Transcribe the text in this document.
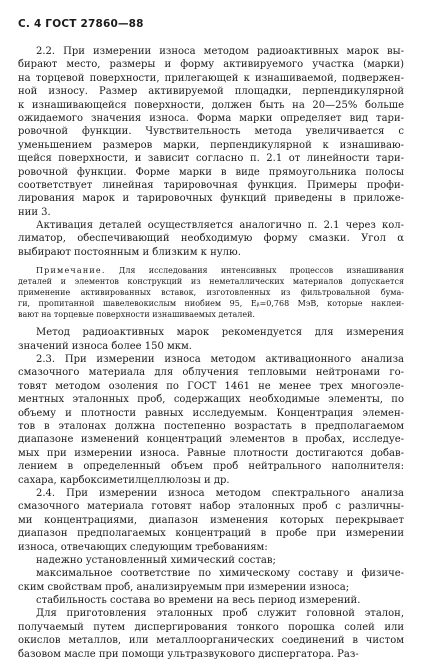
С. 4 ГОСТ 27860—88
2.2. При измерении износа методом радиоактивных марок вы-
бирают место, размеры и форму активируемого участка (марки)
на торцевой поверхности, прилегающей к изнашиваемой, подвержен-
ной износу. Размер активируемой площадки, перпендикулярной
к изнашивающейся поверхности, должен быть на 20—25% больше
ожидаемого значения износа. Форма марки определяет вид тари-
ровочной функции. Чувствительность метода увеличивается с
уменьшением размеров марки, перпендикулярной к изнашиваю-
щейся поверхности, и зависит согласно п. 2.1 от линейности тари-
ровочной функции. Форме марки в виде прямоугольника полосы
соответствует линейная тарировочная функция. Примеры профи-
лирования марок и тарировочных функций приведены в приложе-
нии 3.
Активация деталей осуществляется аналогично п. 2.1 через кол-
лиматор, обеспечивающий необходимую форму смазки. Угол α
выбирают постоянным и близким к нулю.
Примечание. Для исследования интенсивных процессов изнашивания
деталей и элементов конструкций из неметаллических материалов допускается
применение активированных вставок, изготовленных из фильтровальной бума-
ги, пропитанной шавелевокислым ниобием 95, Eᵦ=0,768 МэВ, которые наклеи-
вают на торцевые поверхности изнашиваемых деталей.
Метод радиоактивных марок рекомендуется для измерения
значений износа более 150 мкм.
2.3. При измерении износа методом активационного анализа
смазочного материала для облучения тепловыми нейтронами го-
товят методом озоления по ГОСТ 1461 не менее трех многоэле-
ментных эталонных проб, содержащих необходимые элементы, по
объему и плотности равных исследуемым. Концентрация элемен-
тов в эталонах должна постепенно возрастать в предполагаемом
диапазоне изменений концентраций элементов в пробах, исследуе-
мых при измерении износа. Равные плотности достигаются добав-
лением в определенный объем проб нейтрального наполнителя:
сахара, карбоксиметилцеллюлозы и др.
2.4. При измерении износа методом спектрального анализа
смазочного материала готовят набор эталонных проб с различны-
ми концентрациями, диапазон изменения которых перекрывает
диапазон предполагаемых концентраций в пробе при измерении
износа, отвечающих следующим требованиям:
надежно установленный химический состав;
максимальное соответствие по химическому составу и физиче-
ским свойствам проб, анализируемым при измерении износа;
стабильность состава во времени на весь период измерений.
Для приготовления эталонных проб служит головной эталон,
получаемый путем диспергирования тонкого порошка солей или
окислов металлов, или металлоорганических соединений в чистом
базовом масле при помощи ультразвукового диспергатора. Раз-
